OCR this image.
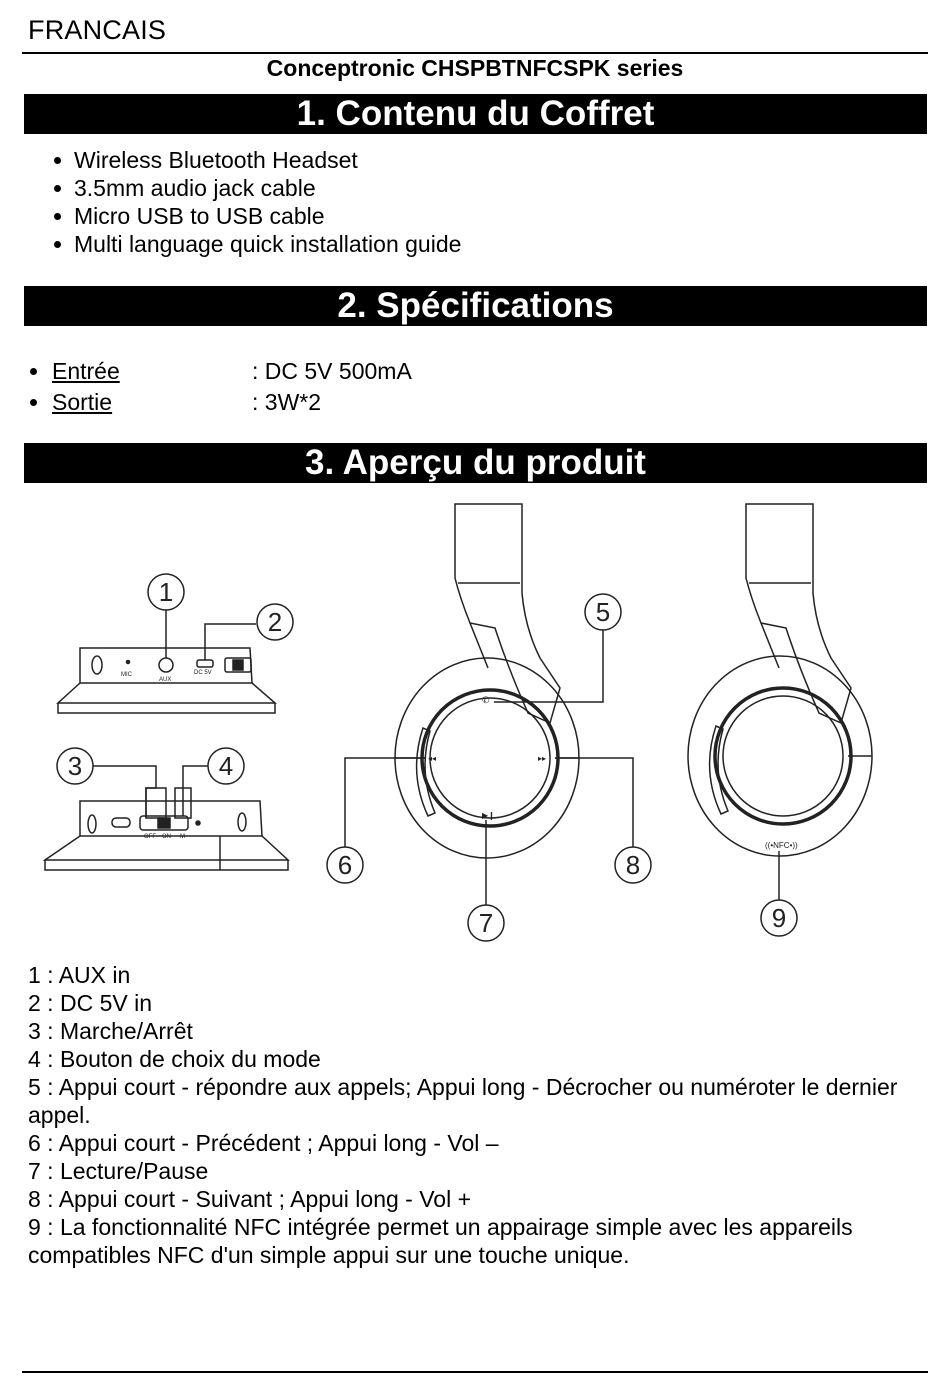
FRANCAIS
Conceptronic CHSPBTNFCSPK series
1. Contenu du Coffret
Wireless Bluetooth Headset
3.5mm audio jack cable
Micro USB to USB cable
Multi language quick installation guide
2. Spécifications
Entrée	: DC 5V 500mA
Sortie	: 3W*2
3. Aperçu du produit
MIC
AUX
DC 5V
1
2
OFF ON M
3	4	◂◂	▸▸
✆
▶❙
5
6
7
8
((•NFC•))
9
1 : AUX in
2 : DC 5V in
3 : Marche/Arrêt
4 : Bouton de choix du mode
5 : Appui court - répondre aux appels; Appui long - Décrocher ou numéroter le dernier appel.
6 : Appui court - Précédent ; Appui long - Vol –
7 : Lecture/Pause
8 : Appui court - Suivant ; Appui long - Vol +
9 : La fonctionnalité NFC intégrée permet un appairage simple avec les appareils compatibles NFC d'un simple appui sur une touche unique.
